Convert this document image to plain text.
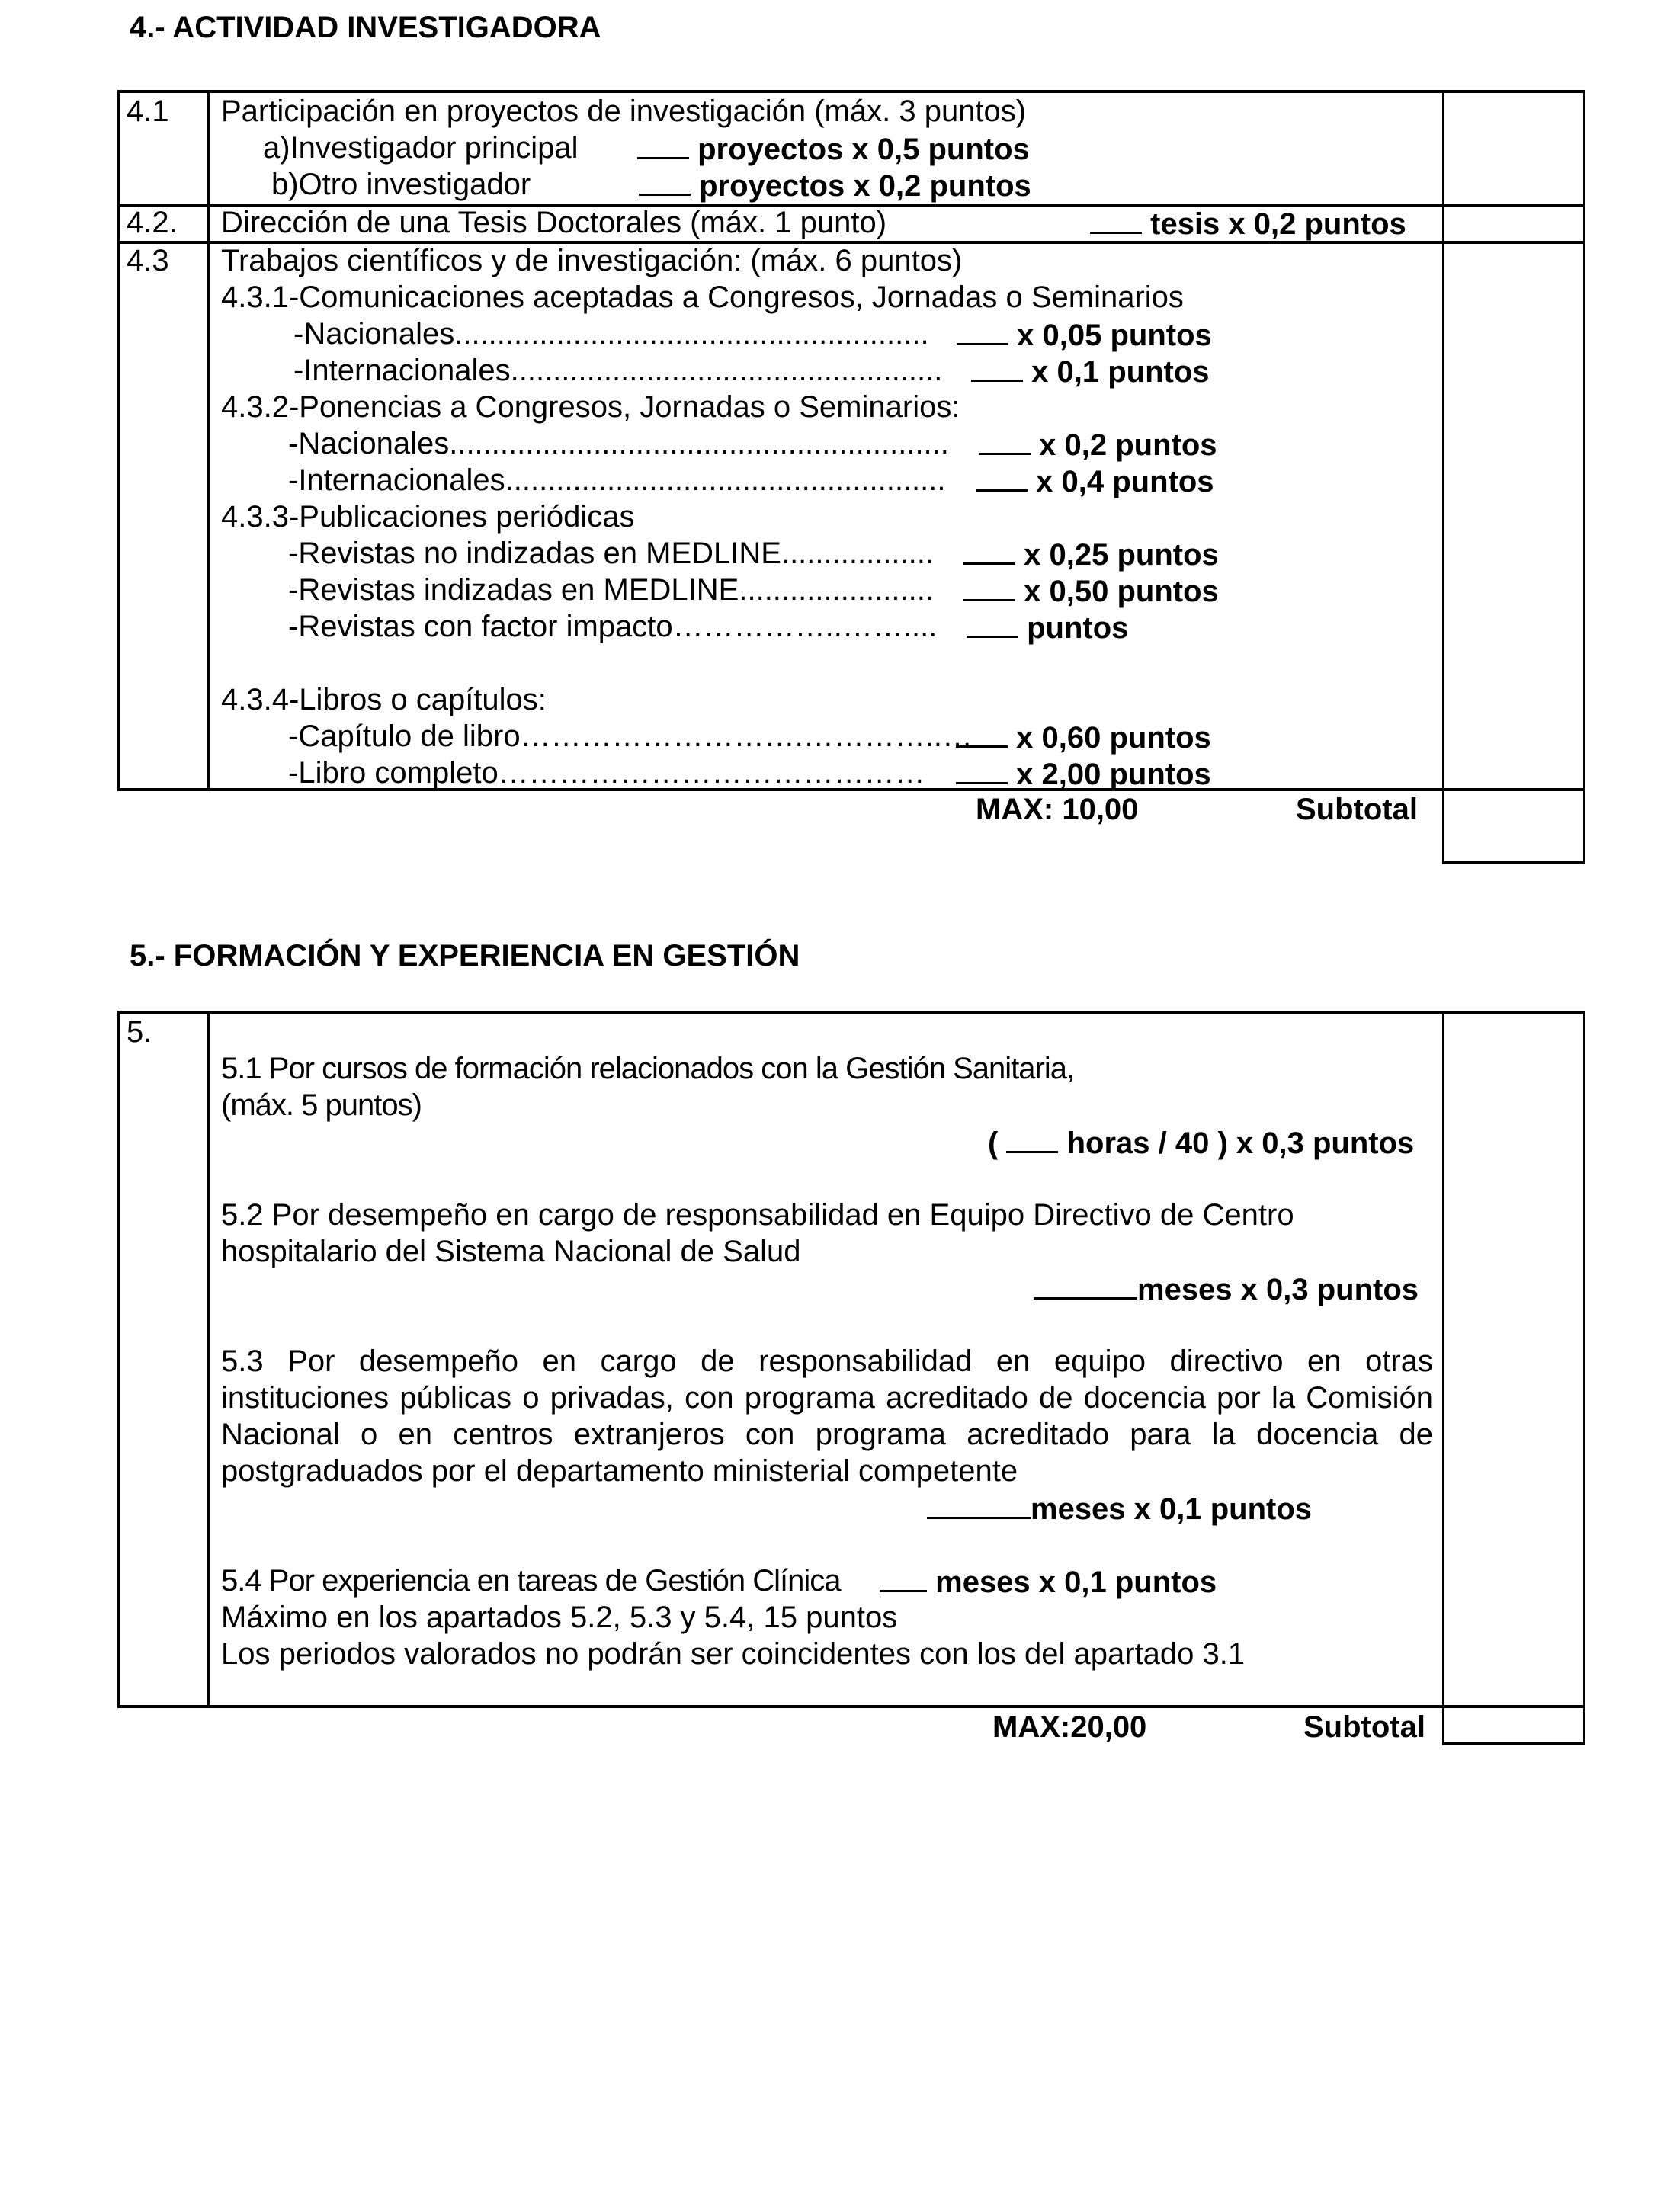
4.- ACTIVIDAD INVESTIGADORA
4.1 Participación en proyectos de investigación (máx. 3 puntos)
a)Investigador principal	proyectos x 0,5 puntos
b)Otro investigador	proyectos x 0,2 puntos
4.2. Dirección de una Tesis Doctorales (máx. 1 punto)	tesis x 0,2 puntos
4.3 Trabajos científicos y de investigación: (máx. 6 puntos)
4.3.1-Comunicaciones aceptadas a Congresos, Jornadas o Seminarios
-Nacionales........................................................	x 0,05 puntos
-Internacionales...................................................	x 0,1 puntos
4.3.2-Ponencias a Congresos, Jornadas o Seminarios:
-Nacionales...........................................................	x 0,2 puntos
-Internacionales....................................................	x 0,4 puntos
4.3.3-Publicaciones periódicas
-Revistas no indizadas en MEDLINE..................	x 0,25 puntos
-Revistas indizadas en MEDLINE.......................	x 0,50 puntos
-Revistas con factor impacto……………..……....	puntos
4.3.4-Libros o capítulos:
-Capítulo de libro……………………….…………..…	x 0,60 puntos
-Libro completo……………………………………	x 2,00 puntos
MAX: 10,00	Subtotal
5.- FORMACIÓN Y EXPERIENCIA EN GESTIÓN
5.
5.1 Por cursos de formación relacionados con la Gestión Sanitaria,
(máx. 5 puntos)
( horas / 40 ) x 0,3 puntos
5.2 Por desempeño en cargo de responsabilidad en Equipo Directivo de Centro
hospitalario del Sistema Nacional de Salud
meses x 0,3 puntos
5.3 Por desempeño en cargo de responsabilidad en equipo directivo en otras instituciones públicas o privadas, con programa acreditado de docencia por la Comisión Nacional o en centros extranjeros con programa acreditado para la docencia de postgraduados por el departamento ministerial competente
meses x 0,1 puntos
5.4 Por experiencia en tareas de Gestión Clínica	meses x 0,1 puntos
Máximo en los apartados 5.2, 5.3 y 5.4, 15 puntos
Los periodos valorados no podrán ser coincidentes con los del apartado 3.1
MAX:20,00	Subtotal
